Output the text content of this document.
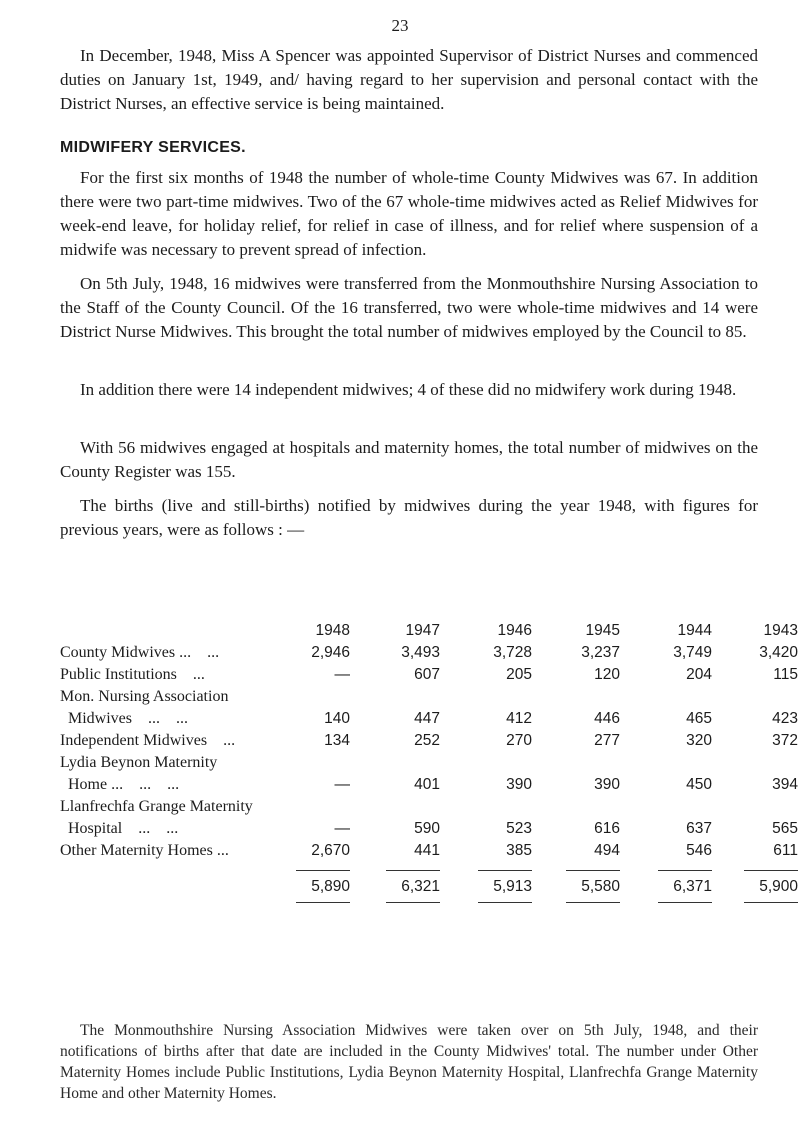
23

In December, 1948, Miss A Spencer was appointed Supervisor of District Nurses and commenced duties on January 1st, 1949, and/ having regard to her supervision and personal contact with the District Nurses, an effective service is being maintained.

MIDWIFERY SERVICES.

For the first six months of 1948 the number of whole-time County Midwives was 67. In addition there were two part-time midwives. Two of the 67 whole-time midwives acted as Relief Midwives for week-end leave, for holiday relief, for relief in case of illness, and for relief where suspension of a midwife was necessary to prevent spread of infection.

On 5th July, 1948, 16 midwives were transferred from the Monmouthshire Nursing Association to the Staff of the County Council. Of the 16 transferred, two were whole-time midwives and 14 were District Nurse Midwives. This brought the total number of midwives employed by the Council to 85.

In addition there were 14 independent midwives; 4 of these did no midwifery work during 1948.

With 56 midwives engaged at hospitals and maternity homes, the total number of midwives on the County Register was 155.

The births (live and still-births) notified by midwives during the year 1948, with figures for previous years, were as follows : —

1948	1947	1946	1945	1944	1943
County Midwives ...    ...	2,946	3,493	3,728	3,237	3,749	3,420
Public Institutions    ...	—	607	205	120	204	115
Mon. Nursing Association
Midwives    ...    ...	140	447	412	446	465	423
Independent Midwives    ...	134	252	270	277	320	372
Lydia Beynon Maternity
Home ...    ...    ...	—	401	390	390	450	394
Llanfrechfa Grange Maternity
Hospital    ...    ...	—	590	523	616	637	565
Other Maternity Homes ...	2,670	441	385	494	546	611
5,890	6,321	5,913	5,580	6,371	5,900

The Monmouthshire Nursing Association Midwives were taken over on 5th July, 1948, and their notifications of births after that date are included in the County Midwives' total. The number under Other Maternity Homes include Public Institutions, Lydia Beynon Maternity Hospital, Llanfrechfa Grange Maternity Home and other Maternity Homes.
